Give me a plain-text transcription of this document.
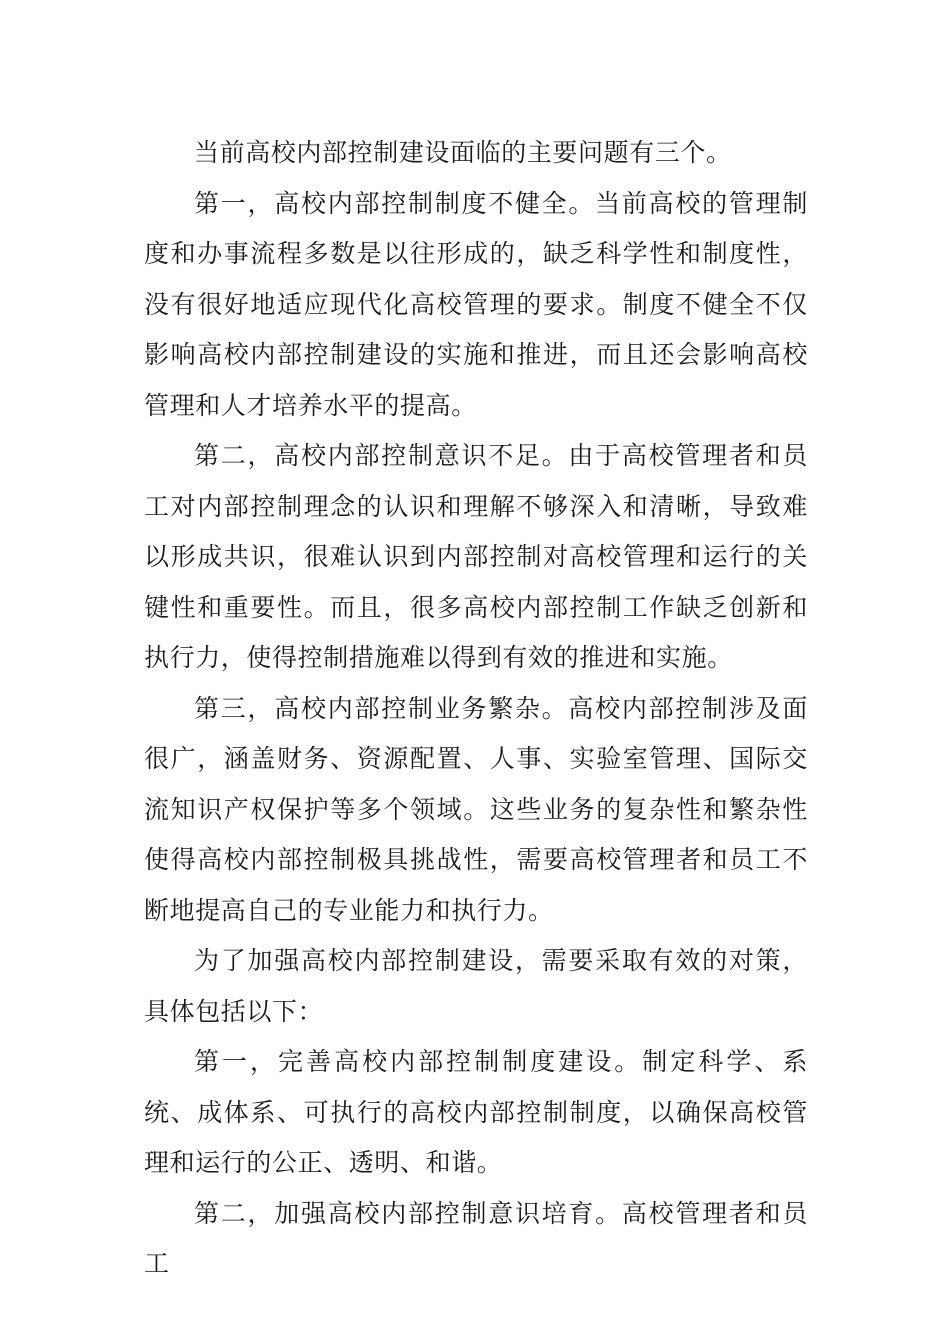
当前高校内部控制建设面临的主要问题有三个。

第一，高校内部控制制度不健全。当前高校的管理制度和办事流程多数是以往形成的，缺乏科学性和制度性，没有很好地适应现代化高校管理的要求。制度不健全不仅影响高校内部控制建设的实施和推进，而且还会影响高校管理和人才培养水平的提高。

第二，高校内部控制意识不足。由于高校管理者和员工对内部控制理念的认识和理解不够深入和清晰，导致难以形成共识，很难认识到内部控制对高校管理和运行的关键性和重要性。而且，很多高校内部控制工作缺乏创新和执行力，使得控制措施难以得到有效的推进和实施。

第三，高校内部控制业务繁杂。高校内部控制涉及面很广，涵盖财务、资源配置、人事、实验室管理、国际交流知识产权保护等多个领域。这些业务的复杂性和繁杂性使得高校内部控制极具挑战性，需要高校管理者和员工不断地提高自己的专业能力和执行力。

为了加强高校内部控制建设，需要采取有效的对策，具体包括以下：

第一，完善高校内部控制制度建设。制定科学、系统、成体系、可执行的高校内部控制制度，以确保高校管理和运行的公正、透明、和谐。

第二，加强高校内部控制意识培育。高校管理者和员工
